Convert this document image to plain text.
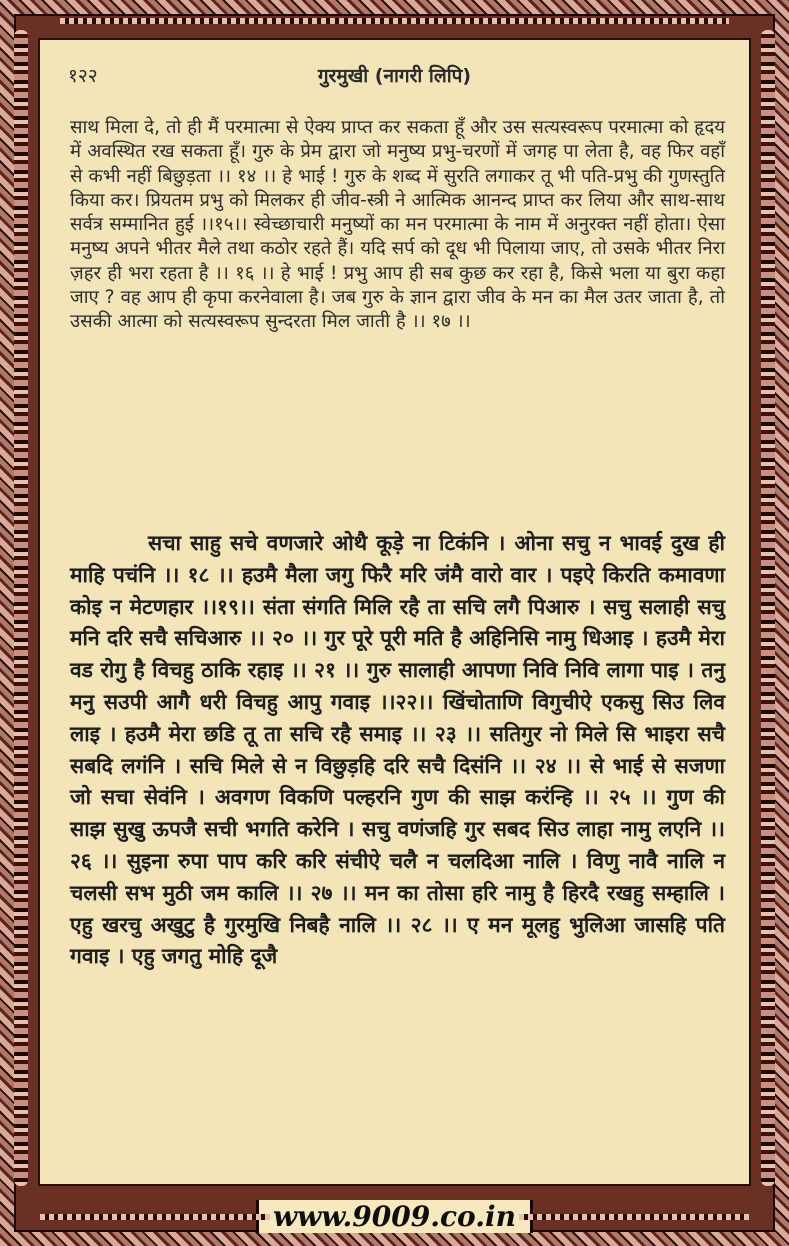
१२२	गुरमुखी (नागरी लिपि)
साथ मिला दे, तो ही मैं परमात्मा से ऐक्य प्राप्त कर सकता हूँ और उस सत्यस्वरूप परमात्मा को हृदय में अवस्थित रख सकता हूँ। गुरु के प्रेम द्वारा जो मनुष्य प्रभु-चरणों में जगह पा लेता है, वह फिर वहाँ से कभी नहीं बिछुड़ता ।। १४ ।। हे भाई ! गुरु के शब्द में सुरति लगाकर तू भी पति-प्रभु की गुणस्तुति किया कर। प्रियतम प्रभु को मिलकर ही जीव-स्त्री ने आत्मिक आनन्द प्राप्त कर लिया और साथ-साथ सर्वत्र सम्मानित हुई ।।१५।। स्वेच्छाचारी मनुष्यों का मन परमात्मा के नाम में अनुरक्त नहीं होता। ऐसा मनुष्य अपने भीतर मैले तथा कठोर रहते हैं। यदि सर्प को दूध भी पिलाया जाए, तो उसके भीतर निरा ज़हर ही भरा रहता है ।। १६ ।। हे भाई ! प्रभु आप ही सब कुछ कर रहा है, किसे भला या बुरा कहा जाए ? वह आप ही कृपा करनेवाला है। जब गुरु के ज्ञान द्वारा जीव के मन का मैल उतर जाता है, तो उसकी आत्मा को सत्यस्वरूप सुन्दरता मिल जाती है ।। १७ ।।
सचा साहु सचे वणजारे ओथै कूड़े ना टिकंनि । ओना सचु न भावई दुख ही माहि पचंनि ।। १८ ।। हउमै मैला जगु फिरै मरि जंमै वारो वार । पइऐ किरति कमावणा कोइ न मेटणहार ।।१९।। संता संगति मिलि रहै ता सचि लगै पिआरु । सचु सलाही सचु मनि दरि सचै सचिआरु ।। २० ।। गुर पूरे पूरी मति है अहिनिसि नामु धिआइ । हउमै मेरा वड रोगु है विचहु ठाकि रहाइ ।। २१ ।। गुरु सालाही आपणा निवि निवि लागा पाइ । तनु मनु सउपी आगै धरी विचहु आपु गवाइ ।।२२।। खिंचोताणि विगुचीऐ एकसु सिउ लिव लाइ । हउमै मेरा छडि तू ता सचि रहै समाइ ।। २३ ।। सतिगुर नो मिले सि भाइरा सचै सबदि लगंनि । सचि मिले से न विछुड़हि दरि सचै दिसंनि ।। २४ ।। से भाई से सजणा जो सचा सेवंनि । अवगण विकणि पल्हरनि गुण की साझ करंन्हि ।। २५ ।। गुण की साझ सुखु ऊपजै सची भगति करेनि । सचु वणंजहि गुर सबद सिउ लाहा नामु लएनि ।। २६ ।। सुइना रुपा पाप करि करि संचीऐ चलै न चलदिआ नालि । विणु नावै नालि न चलसी सभ मुठी जम कालि ।। २७ ।। मन का तोसा हरि नामु है हिरदै रखहु सम्हालि । एहु खरचु अखुटु है गुरमुखि निबहै नालि ।। २८ ।। ए मन मूलहु भुलिआ जासहि पति गवाइ । एहु जगतु मोहि दूजै
www.9009.co.in
